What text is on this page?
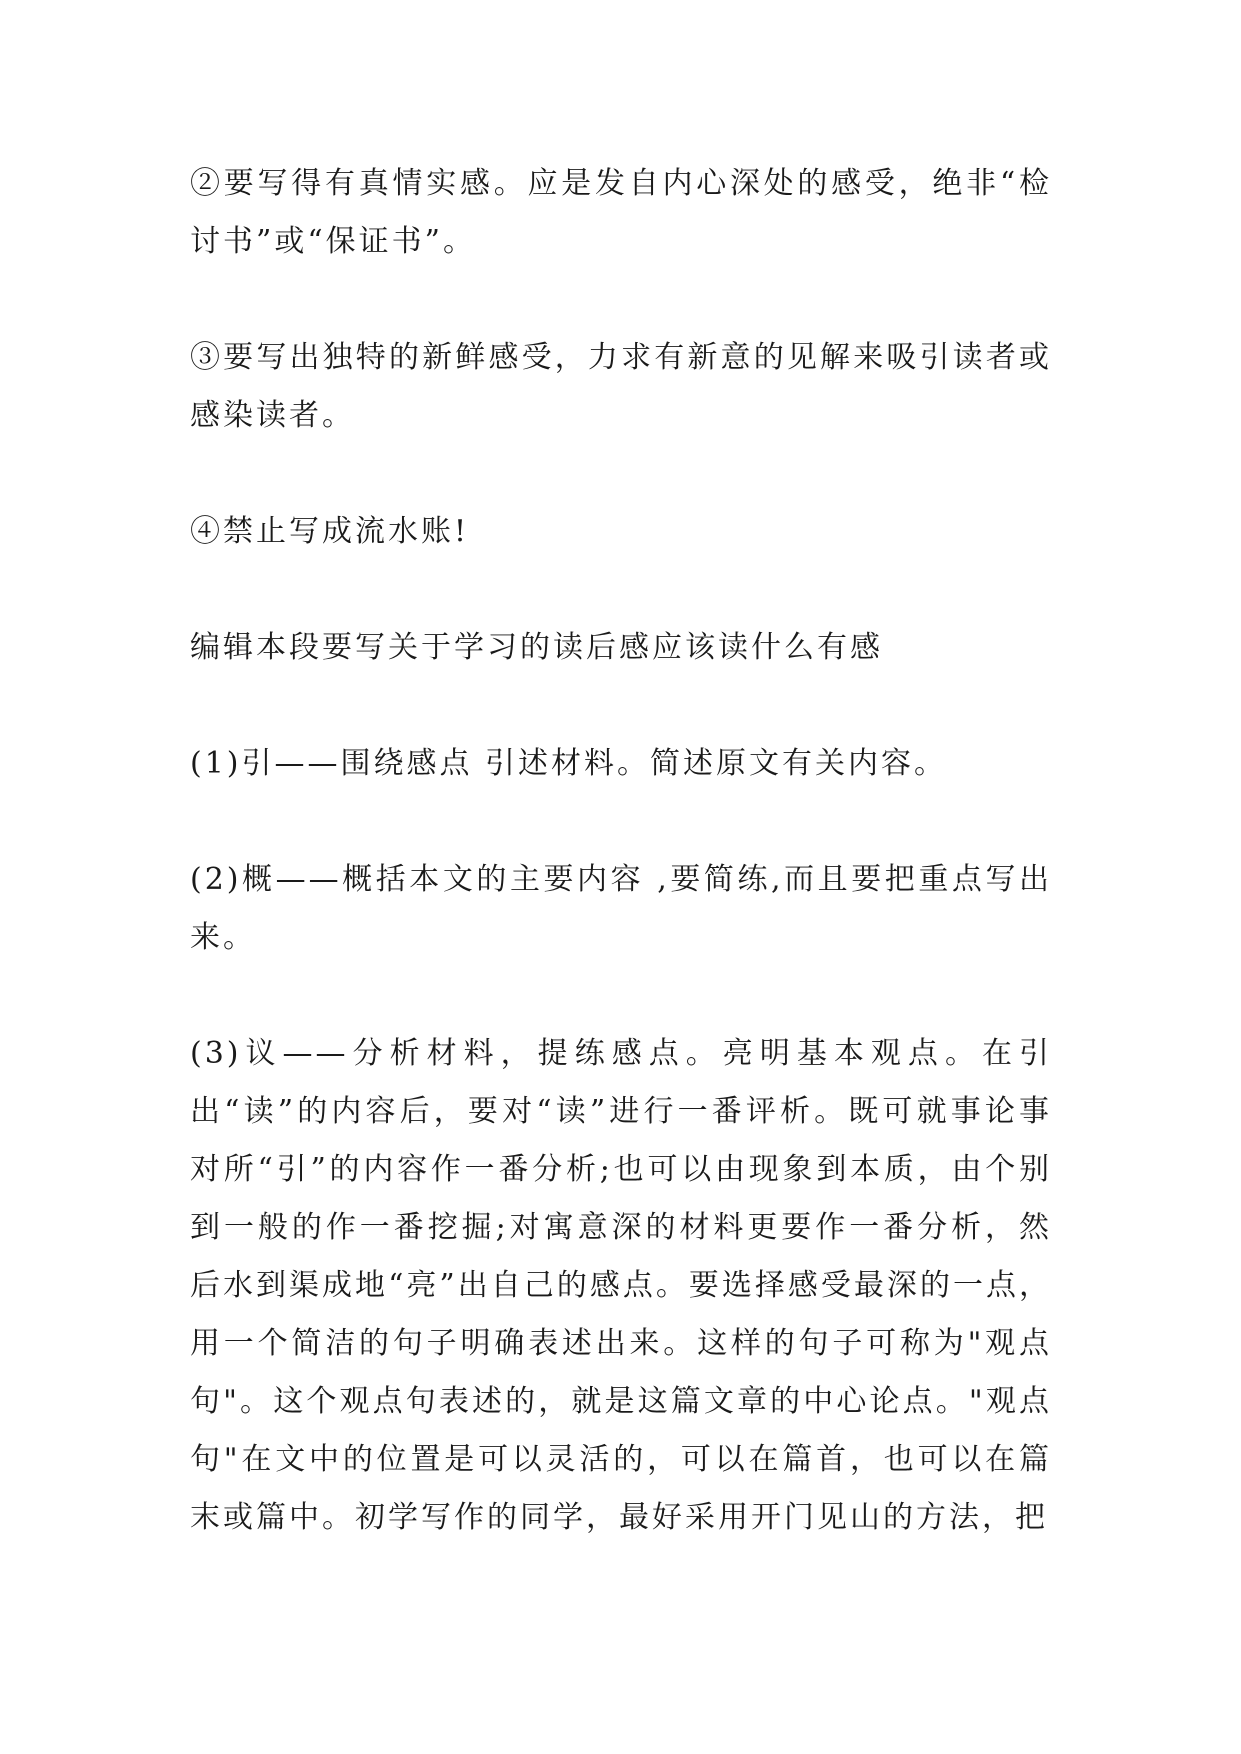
②要写得有真情实感。应是发自内心深处的感受，绝非“检讨书”或“保证书”。

③要写出独特的新鲜感受，力求有新意的见解来吸引读者或感染读者。

④禁止写成流水账!

编辑本段要写关于学习的读后感应该读什么有感

(1)引——围绕感点 引述材料。简述原文有关内容。

(2)概——概括本文的主要内容 ,要简练,而且要把重点写出来。

(3)议——分析材料，提练感点。亮明基本观点。在引出“读”的内容后，要对“读”进行一番评析。既可就事论事对所“引”的内容作一番分析;也可以由现象到本质，由个别到一般的作一番挖掘;对寓意深的材料更要作一番分析，然后水到渠成地“亮”出自己的感点。要选择感受最深的一点，用一个简洁的句子明确表述出来。这样的句子可称为"观点句"。这个观点句表述的，就是这篇文章的中心论点。"观点句"在文中的位置是可以灵活的，可以在篇首，也可以在篇末或篇中。初学写作的同学，最好采用开门见山的方法，把
